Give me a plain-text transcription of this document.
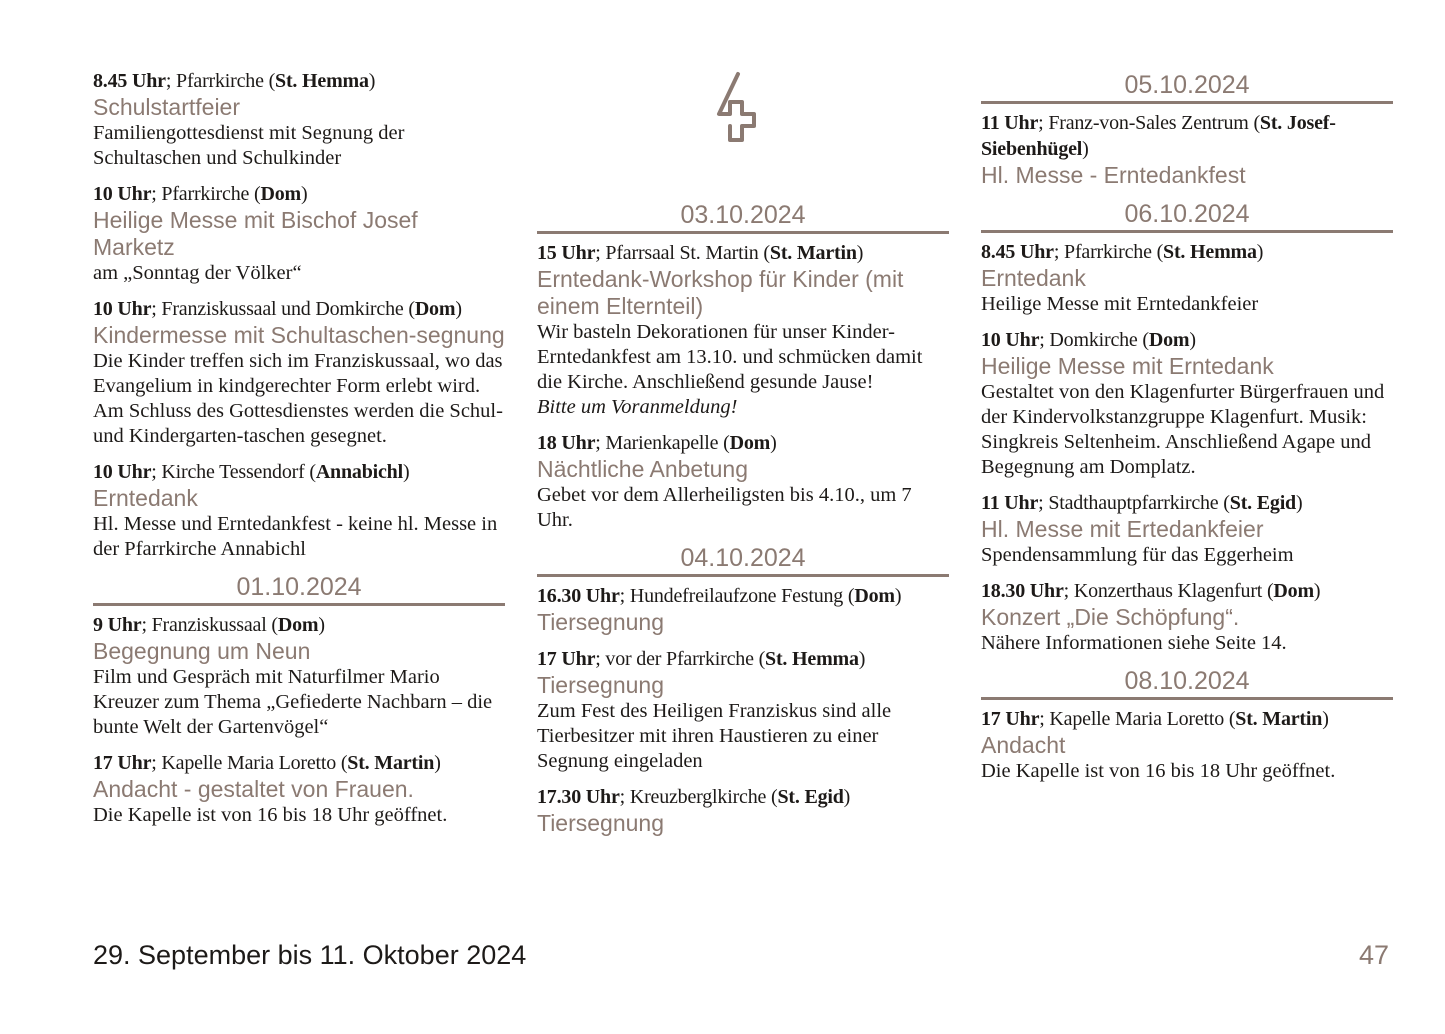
8.45 Uhr; Pfarrkirche (St. Hemma)
Schulstartfeier
Familiengottesdienst mit Segnung der Schultaschen und Schulkinder
10 Uhr; Pfarrkirche (Dom)
Heilige Messe mit Bischof Josef Marketz
am „Sonntag der Völker“
10 Uhr; Franziskussaal und Domkirche (Dom)
Kindermesse mit Schultaschen-segnung
Die Kinder treffen sich im Franziskussaal, wo das Evangelium in kindgerechter Form erlebt wird. Am Schluss des Gottesdienstes werden die Schul- und Kindergarten-taschen gesegnet.
10 Uhr; Kirche Tessendorf (Annabichl)
Erntedank
Hl. Messe und Erntedankfest - keine hl. Messe in der Pfarrkirche Annabichl
01.10.2024
9 Uhr; Franziskussaal (Dom)
Begegnung um Neun
Film und Gespräch mit Naturfilmer Mario Kreuzer zum Thema „Gefiederte Nachbarn – die bunte Welt der Gartenvögel“
17 Uhr; Kapelle Maria Loretto (St. Martin)
Andacht - gestaltet von Frauen.
Die Kapelle ist von 16 bis 18 Uhr geöffnet.
03.10.2024
15 Uhr; Pfarrsaal St. Martin (St. Martin)
Erntedank-Workshop für Kinder (mit einem Elternteil)
Wir basteln Dekorationen für unser Kinder-Erntedankfest am 13.10. und schmücken damit die Kirche. Anschließend gesunde Jause!
Bitte um Voranmeldung!
18 Uhr; Marienkapelle (Dom)
Nächtliche Anbetung
Gebet vor dem Allerheiligsten bis 4.10., um 7 Uhr.
04.10.2024
16.30 Uhr; Hundefreilaufzone Festung (Dom)
Tiersegnung
17 Uhr; vor der Pfarrkirche (St. Hemma)
Tiersegnung
Zum Fest des Heiligen Franziskus sind alle Tierbesitzer mit ihren Haustieren zu einer Segnung eingeladen
17.30 Uhr; Kreuzberglkirche (St. Egid)
Tiersegnung
05.10.2024
11 Uhr; Franz-von-Sales Zentrum (St. Josef-Siebenhügel)
Hl. Messe - Erntedankfest
06.10.2024
8.45 Uhr; Pfarrkirche (St. Hemma)
Erntedank
Heilige Messe mit Erntedankfeier
10 Uhr; Domkirche (Dom)
Heilige Messe mit Erntedank
Gestaltet von den Klagenfurter Bürgerfrauen und der Kindervolkstanzgruppe Klagenfurt. Musik: Singkreis Seltenheim. Anschließend Agape und Begegnung am Domplatz.
11 Uhr; Stadthauptpfarrkirche (St. Egid)
Hl. Messe mit Ertedankfeier
Spendensammlung für das Eggerheim
18.30 Uhr; Konzerthaus Klagenfurt (Dom)
Konzert „Die Schöpfung“.
Nähere Informationen siehe Seite 14.
08.10.2024
17 Uhr; Kapelle Maria Loretto (St. Martin)
Andacht
Die Kapelle ist von 16 bis 18 Uhr geöffnet.
29. September bis 11. Oktober 2024	47
